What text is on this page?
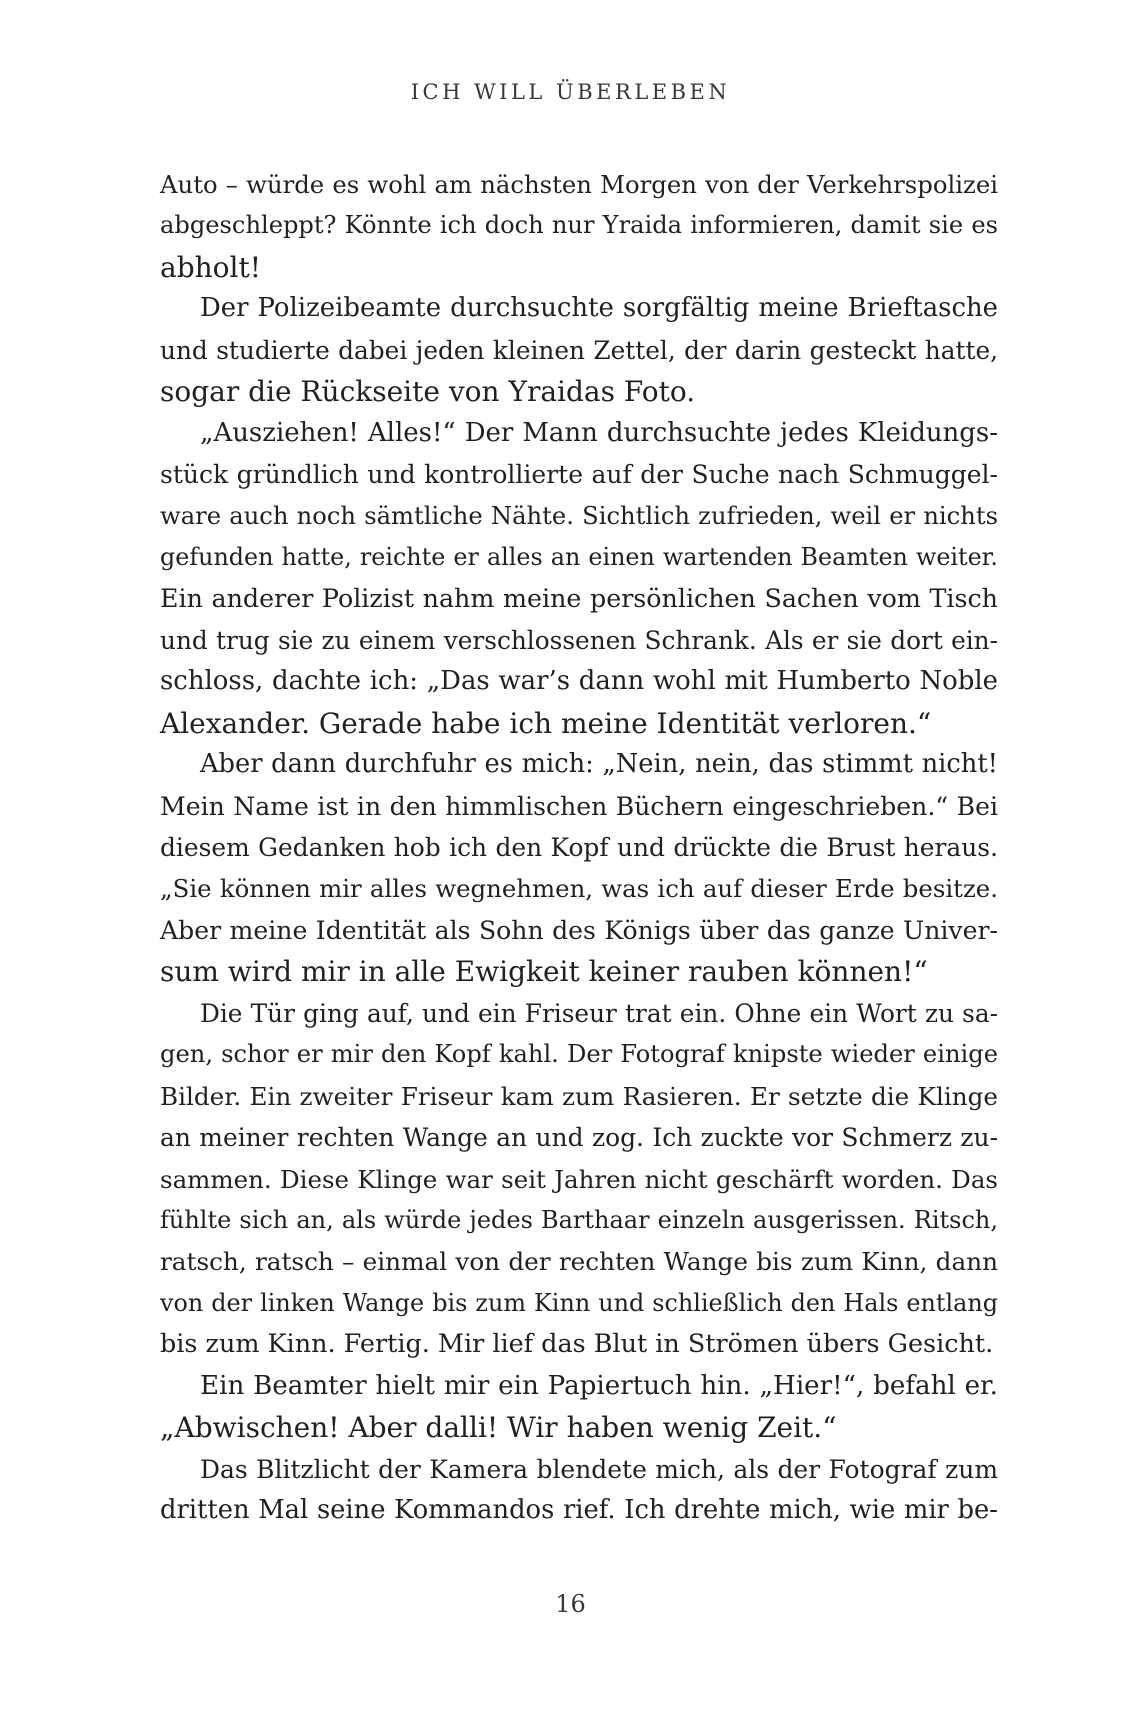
ICH WILL ÜBERLEBEN
Auto – würde es wohl am nächsten Morgen von der Verkehrspolizei
abgeschleppt? Könnte ich doch nur Yraida informieren, damit sie es
abholt!
Der Polizeibeamte durchsuchte sorgfältig meine Brieftasche
und studierte dabei jeden kleinen Zettel, der darin gesteckt hatte,
sogar die Rückseite von Yraidas Foto.
„Ausziehen! Alles!“ Der Mann durchsuchte jedes Kleidungs-
stück gründlich und kontrollierte auf der Suche nach Schmuggel-
ware auch noch sämtliche Nähte. Sichtlich zufrieden, weil er nichts
gefunden hatte, reichte er alles an einen wartenden Beamten weiter.
Ein anderer Polizist nahm meine persönlichen Sachen vom Tisch
und trug sie zu einem verschlossenen Schrank. Als er sie dort ein-
schloss, dachte ich: „Das war’s dann wohl mit Humberto Noble
Alexander. Gerade habe ich meine Identität verloren.“
Aber dann durchfuhr es mich: „Nein, nein, das stimmt nicht!
Mein Name ist in den himmlischen Büchern eingeschrieben.“ Bei
diesem Gedanken hob ich den Kopf und drückte die Brust heraus.
„Sie können mir alles wegnehmen, was ich auf dieser Erde besitze.
Aber meine Identität als Sohn des Königs über das ganze Univer-
sum wird mir in alle Ewigkeit keiner rauben können!“
Die Tür ging auf, und ein Friseur trat ein. Ohne ein Wort zu sa-
gen, schor er mir den Kopf kahl. Der Fotograf knipste wieder einige
Bilder. Ein zweiter Friseur kam zum Rasieren. Er setzte die Klinge
an meiner rechten Wange an und zog. Ich zuckte vor Schmerz zu-
sammen. Diese Klinge war seit Jahren nicht geschärft worden. Das
fühlte sich an, als würde jedes Barthaar einzeln ausgerissen. Ritsch,
ratsch, ratsch – einmal von der rechten Wange bis zum Kinn, dann
von der linken Wange bis zum Kinn und schließlich den Hals entlang
bis zum Kinn. Fertig. Mir lief das Blut in Strömen übers Gesicht.
Ein Beamter hielt mir ein Papiertuch hin. „Hier!“, befahl er.
„Abwischen! Aber dalli! Wir haben wenig Zeit.“
Das Blitzlicht der Kamera blendete mich, als der Fotograf zum
dritten Mal seine Kommandos rief. Ich drehte mich, wie mir be-
16
